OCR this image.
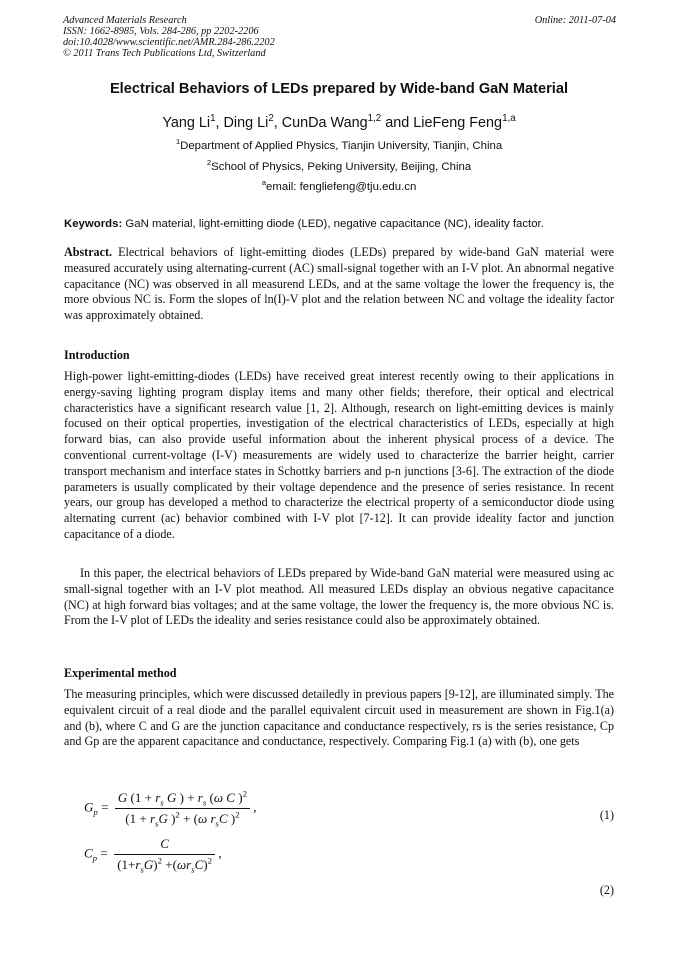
Advanced Materials Research
ISSN: 1662-8985, Vols. 284-286, pp 2202-2206
doi:10.4028/www.scientific.net/AMR.284-286.2202
© 2011 Trans Tech Publications Ltd, Switzerland
Online: 2011-07-04
Electrical Behaviors of LEDs prepared by Wide-band GaN Material
Yang Li$^1$, Ding Li$^2$, CunDa Wang$^{1,2}$ and LieFeng Feng$^{1,a}$
$^1$Department of Applied Physics, Tianjin University, Tianjin, China
$^2$School of Physics, Peking University, Beijing, China
$^a$email: fengliefeng@tju.edu.cn
Keywords: GaN material, light-emitting diode (LED), negative capacitance (NC), ideality factor.
Abstract. Electrical behaviors of light-emitting diodes (LEDs) prepared by wide-band GaN material were measured accurately using alternating-current (AC) small-signal together with an I-V plot. An abnormal negative capacitance (NC) was observed in all measurend LEDs, and at the same voltage the lower the frequency is, the more obvious NC is. Form the slopes of ln(I)-V plot and the relation between NC and voltage the ideality factor was approximately obtained.
Introduction
High-power light-emitting-diodes (LEDs) have received great interest recently owing to their applications in energy-saving lighting program display items and many other fields; therefore, their optical and electrical characteristics have a significant research value [1, 2]. Although, research on light-emitting devices is mainly focused on their optical properties, investigation of the electrical characteristics of LEDs, especially at high forward bias, can also provide useful information about the inherent physical process of a device. The conventional current-voltage (I-V) measurements are widely used to characterize the barrier height, carrier transport mechanism and interface states in Schottky barriers and p-n junctions [3-6]. The extraction of the diode parameters is usually complicated by their voltage dependence and the presence of series resistance. In recent years, our group has developed a method to characterize the electrical property of a semiconductor diode using alternating current (ac) behavior combined with I-V plot [7-12]. It can provide ideality factor and junction capacitance of a diode.
In this paper, the electrical behaviors of LEDs prepared by Wide-band GaN material were measured using ac small-signal together with an I-V plot meathod. All measured LEDs display an obvious negative capacitance (NC) at high forward bias voltages; and at the same voltage, the lower the frequency is, the more obvious NC is. From the I-V plot of LEDs the ideality and series resistance could also be approximately obtained.
Experimental method
The measuring principles, which were discussed detailedly in previous papers [9-12], are illuminated simply. The equivalent circuit of a real diode and the parallel equivalent circuit used in measurement are shown in Fig.1(a) and (b), where C and G are the junction capacitance and conductance respectively, rs is the series resistance, Cp and Gp are the apparent capacitance and conductance, respectively. Comparing Fig.1 (a) with (b), one gets
$G_p = \frac{G (1 + r_s G ) + r_s (\omega C )^2}{(1 + r_sG )^2 + (\omega r_sC )^2}$ ,
(1)
$C_p = \frac{C}{(1+r_sG)^2 +(\omega r_sC)^2}$ ,
(2)
